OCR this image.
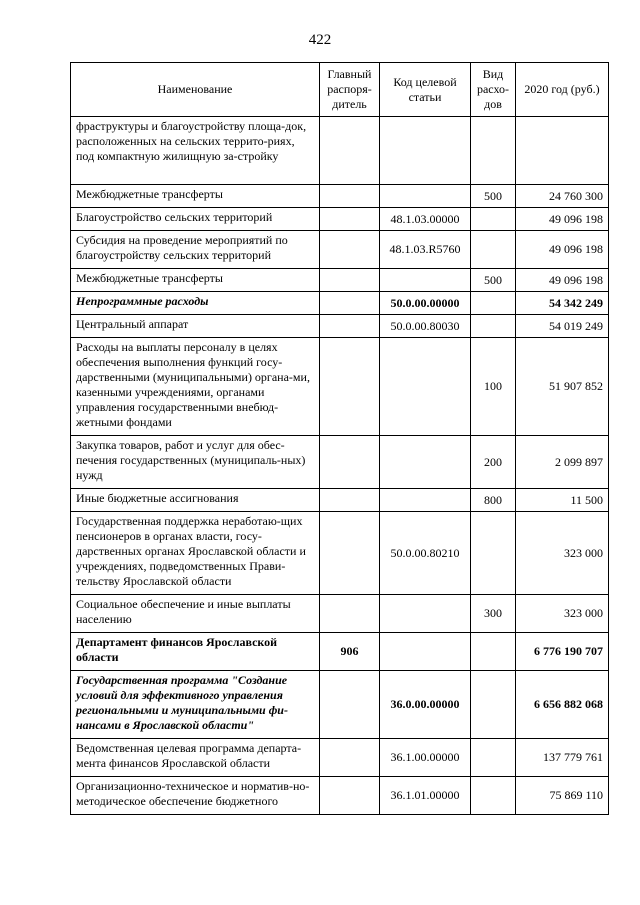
422
Наименование	Главный распоря-дитель	Код целевой статьи	Вид расхо-дов	2020 год (руб.)
фраструктуры и благоустройству площа-док, расположенных на сельских террито-риях, под компактную жилищную за-стройку				
Межбюджетные трансферты			500	24 760 300
Благоустройство сельских территорий		48.1.03.00000		49 096 198
Субсидия на проведение мероприятий по благоустройству сельских территорий		48.1.03.R5760		49 096 198
Межбюджетные трансферты			500	49 096 198
Непрограммные расходы		50.0.00.00000		54 342 249
Центральный аппарат		50.0.00.80030		54 019 249
Расходы на выплаты персоналу в целях обеспечения выполнения функций госу-дарственными (муниципальными) органа-ми, казенными учреждениями, органами управления государственными внебюд-жетными фондами			100	51 907 852
Закупка товаров, работ и услуг для обес-печения государственных (муниципаль-ных) нужд			200	2 099 897
Иные бюджетные ассигнования			800	11 500
Государственная поддержка неработаю-щих пенсионеров в органах власти, госу-дарственных органах Ярославской области и учреждениях, подведомственных Прави-тельству Ярославской области		50.0.00.80210		323 000
Социальное обеспечение и иные выплаты населению			300	323 000
Департамент финансов Ярославской области	906			6 776 190 707
Государственная программа "Создание условий для эффективного управления региональными и муниципальными фи-нансами в Ярославской области"		36.0.00.00000		6 656 882 068
Ведомственная целевая программа департа-мента финансов Ярославской области		36.1.00.00000		137 779 761
Организационно-техническое и норматив-но-методическое обеспечение бюджетного		36.1.01.00000		75 869 110
